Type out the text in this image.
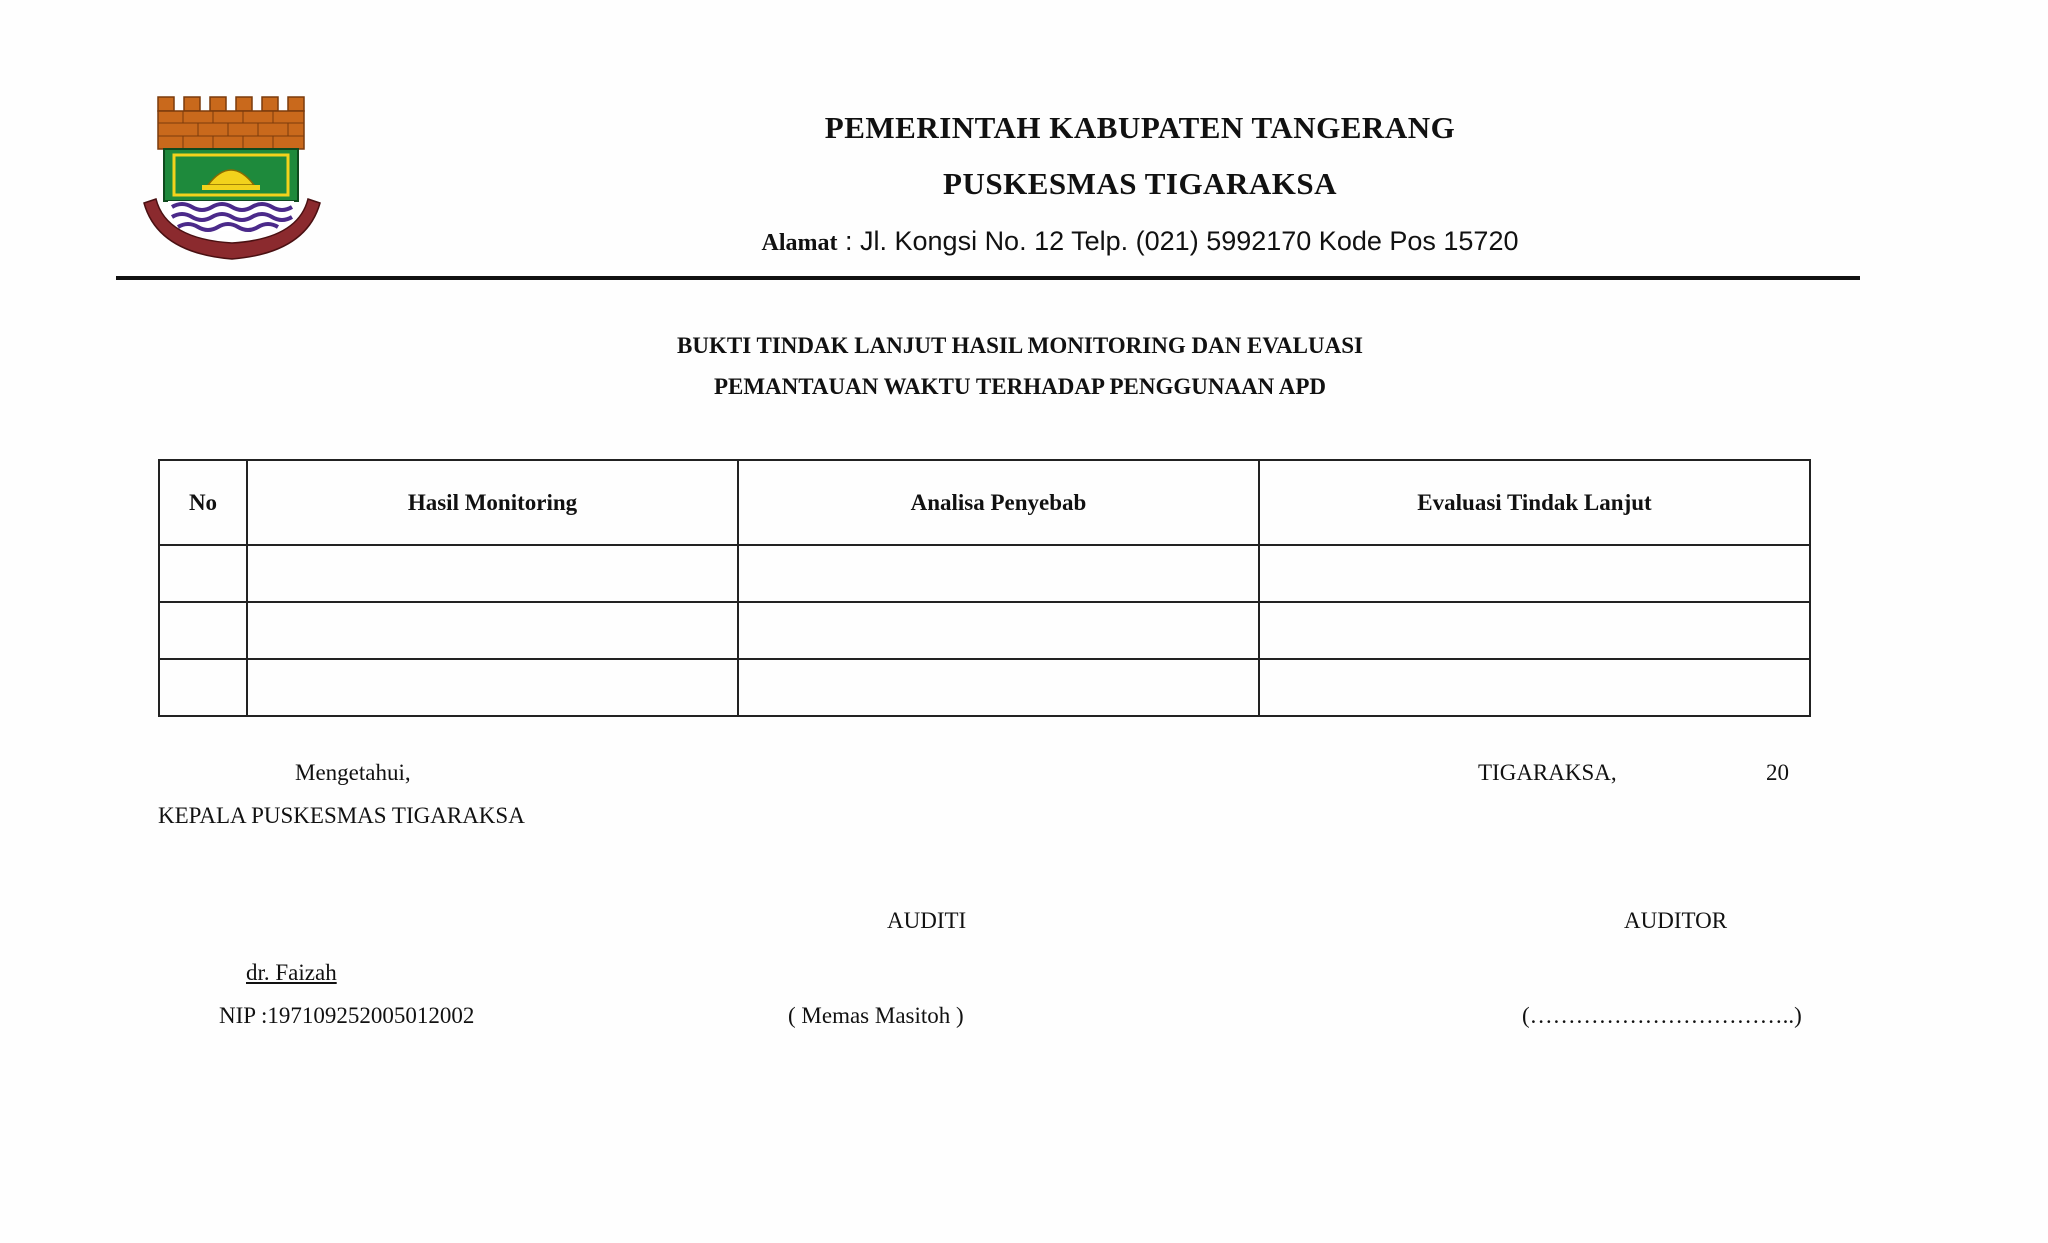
PEMERINTAH KABUPATEN TANGERANG
PUSKESMAS TIGARAKSA
Alamat : Jl. Kongsi No. 12 Telp. (021) 5992170 Kode Pos 15720
BUKTI TINDAK LANJUT HASIL MONITORING DAN EVALUASI
PEMANTAUAN WAKTU TERHADAP PENGGUNAAN APD
No	Hasil Monitoring	Analisa Penyebab	Evaluasi Tindak Lanjut

Mengetahui,
KEPALA PUSKESMAS TIGARAKSA
TIGARAKSA,	20
AUDITI	AUDITOR
dr. Faizah
NIP :197109252005012002	( Memas Masitoh )	(……………………………..)
